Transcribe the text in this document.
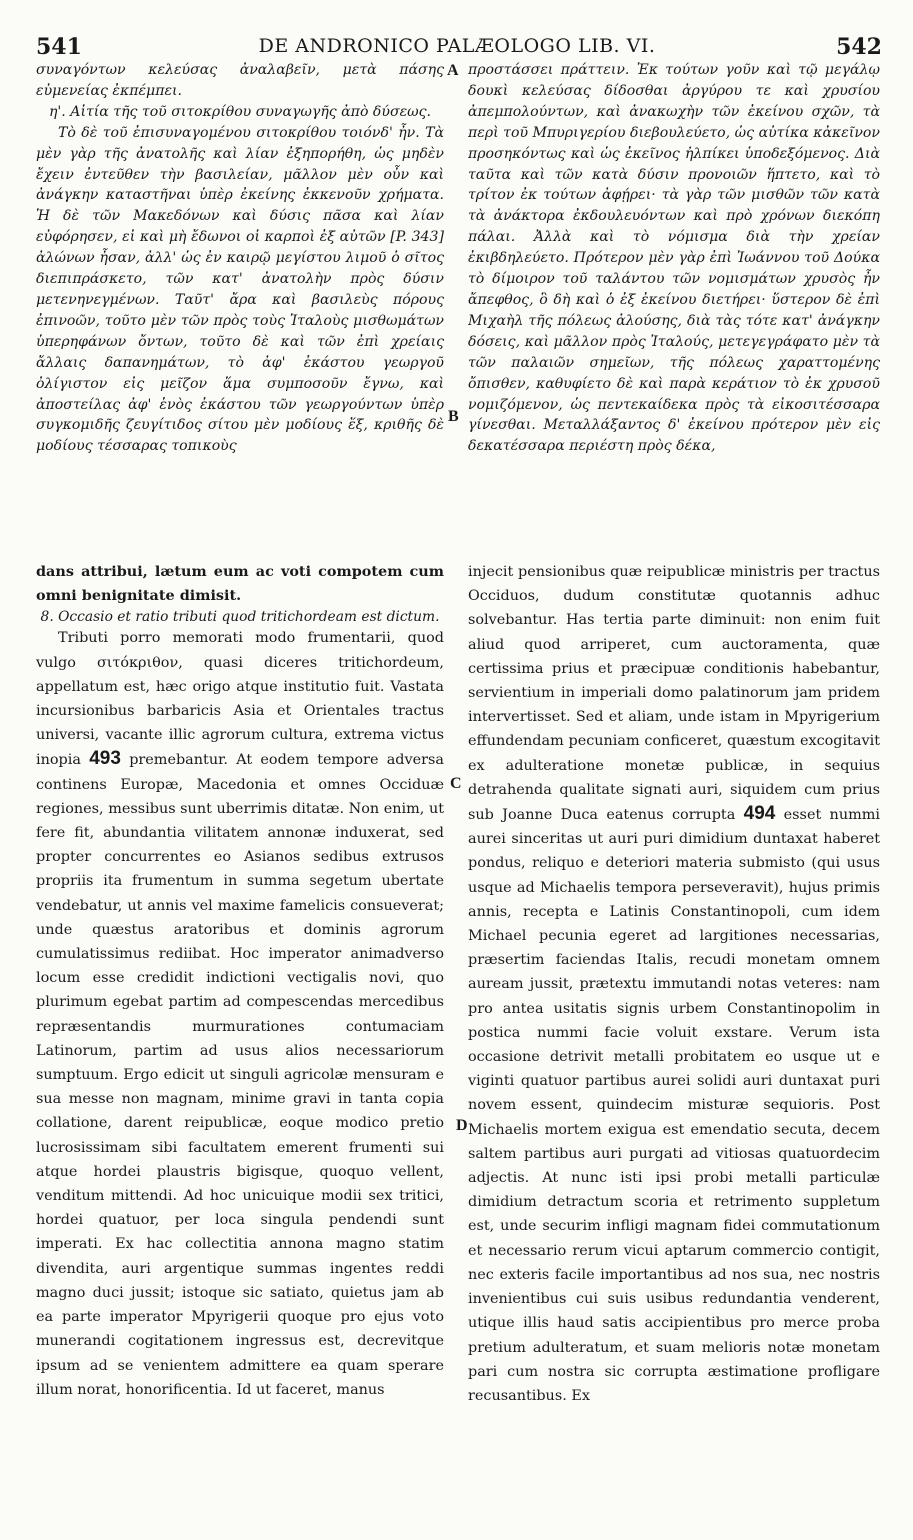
541	DE ANDRONICO PALÆOLOGO LIB. VI.	542
A
B
C
D

συναγόντων κελεύσας ἀναλαβεῖν, μετὰ πάσης εὐμενείας ἐκπέμπει.

η'. Αἰτία τῆς τοῦ σιτοκρίθου συναγωγῆς ἀπὸ δύσεως.

Τὸ δὲ τοῦ ἐπισυναγομένου σιτοκρίθου τοιόνδ' ἦν. Τὰ μὲν γὰρ τῆς ἀνατολῆς καὶ λίαν ἐξηπορήθη, ὡς μηδὲν ἔχειν ἐντεῦθεν τὴν βασιλείαν, μᾶλλον μὲν οὖν καὶ ἀνάγκην καταστῆναι ὑπὲρ ἐκείνης ἐκκενοῦν χρήματα. Ἡ δὲ τῶν Μακεδόνων καὶ δύσις πᾶσα καὶ λίαν εὐφόρησεν, εἰ καὶ μὴ ἔδωνοι οἱ καρποὶ ἐξ αὐτῶν [P. 343] ἀλώνων ἦσαν, ἀλλ' ὡς ἐν καιρῷ μεγίστου λιμοῦ ὁ σῖτος διεπιπράσκετο, τῶν κατ' ἀνατολὴν πρὸς δύσιν μετενηνεγμένων. Ταῦτ' ἄρα καὶ βασιλεὺς πόρους ἐπινοῶν, τοῦτο μὲν τῶν πρὸς τοὺς Ἰταλοὺς μισθωμάτων ὑπερηφάνων ὄντων, τοῦτο δὲ καὶ τῶν ἐπὶ χρείαις ἄλλαις δαπανημάτων, τὸ ἀφ' ἑκάστου γεωργοῦ ὀλίγιστον εἰς μεῖζον ἅμα συμποσοῦν ἔγνω, καὶ ἀποστείλας ἀφ' ἑνὸς ἑκάστου τῶν γεωργούντων ὑπὲρ συγκομιδῆς ζευγίτιδος σίτου μὲν μοδίους ἕξ, κριθῆς δὲ μοδίους τέσσαρας τοπικοὺς

προστάσσει πράττειν. Ἐκ τούτων γοῦν καὶ τῷ μεγάλῳ δουκὶ κελεύσας δίδοσθαι ἀργύρου τε καὶ χρυσίου ἀπεμπολούντων, καὶ ἀνακωχὴν τῶν ἐκείνου σχῶν, τὰ περὶ τοῦ Μπυριγερίου διεβουλεύετο, ὡς αὐτίκα κἀκεῖνον προσηκόντως καὶ ὡς ἐκεῖνος ἠλπίκει ὑποδεξόμενος. Διὰ ταῦτα καὶ τῶν κατὰ δύσιν προνοιῶν ἥπτετο, καὶ τὸ τρίτον ἐκ τούτων ἀφῄρει· τὰ γὰρ τῶν μισθῶν τῶν κατὰ τὰ ἀνάκτορα ἐκδουλευόντων καὶ πρὸ χρόνων διεκόπη πάλαι. Ἀλλὰ καὶ τὸ νόμισμα διὰ τὴν χρείαν ἐκιβδηλεύετο. Πρότερον μὲν γὰρ ἐπὶ Ἰωάννου τοῦ Δούκα τὸ δίμοιρον τοῦ ταλάντου τῶν νομισμάτων χρυσὸς ἦν ἄπεφθος, ὃ δὴ καὶ ὁ ἐξ ἐκείνου διετήρει· ὕστερον δὲ ἐπὶ Μιχαὴλ τῆς πόλεως ἁλούσης, διὰ τὰς τότε κατ' ἀνάγκην δόσεις, καὶ μᾶλλον πρὸς Ἰταλούς, μετεγεγράφατο μὲν τὰ τῶν παλαιῶν σημεῖων, τῆς πόλεως χαραττομένης ὄπισθεν, καθυφίετο δὲ καὶ παρὰ κεράτιον τὸ ἐκ χρυσοῦ νομιζόμενον, ὡς πεντεκαίδεκα πρὸς τὰ εἰκοσιτέσσαρα γίνεσθαι. Μεταλλάξαντος δ' ἐκείνου πρότερον μὲν εἰς δεκατέσσαρα περιέστη πρὸς δέκα,

dans attribui, lætum eum ac voti compotem cum omni benignitate dimisit.

8. Occasio et ratio tributi quod tritichordeam est dictum.

Tributi porro memorati modo frumentarii, quod vulgo σιτόκριθον, quasi diceres tritichordeum, appellatum est, hæc origo atque institutio fuit. Vastata incursionibus barbaricis Asia et Orientales tractus universi, vacante illic agrorum cultura, extrema victus inopia 493 premebantur. At eodem tempore adversa continens Europæ, Macedonia et omnes Occiduæ regiones, messibus sunt uberrimis ditatæ. Non enim, ut fere fit, abundantia vilitatem annonæ induxerat, sed propter concurrentes eo Asianos sedibus extrusos propriis ita frumentum in summa segetum ubertate vendebatur, ut annis vel maxime famelicis consueverat; unde quæstus aratoribus et dominis agrorum cumulatissimus rediibat. Hoc imperator animadverso locum esse credidit indictioni vectigalis novi, quo plurimum egebat partim ad compescendas mercedibus repræsentandis murmurationes contumaciam Latinorum, partim ad usus alios necessariorum sumptuum. Ergo edicit ut singuli agricolæ mensuram e sua messe non magnam, minime gravi in tanta copia collatione, darent reipublicæ, eoque modico pretio lucrosissimam sibi facultatem emerent frumenti sui atque hordei plaustris bigisque, quoquo vellent, venditum mittendi. Ad hoc unicuique modii sex tritici, hordei quatuor, per loca singula pendendi sunt imperati. Ex hac collectitia annona magno statim divendita, auri argentique summas ingentes reddi magno duci jussit; istoque sic satiato, quietus jam ab ea parte imperator Mpyrigerii quoque pro ejus voto munerandi cogitationem ingressus est, decrevitque ipsum ad se venientem admittere ea quam sperare illum norat, honorificentia. Id ut faceret, manus

injecit pensionibus quæ reipublicæ ministris per tractus Occiduos, dudum constitutæ quotannis adhuc solvebantur. Has tertia parte diminuit: non enim fuit aliud quod arriperet, cum auctoramenta, quæ certissima prius et præcipuæ conditionis habebantur, servientium in imperiali domo palatinorum jam pridem intervertisset. Sed et aliam, unde istam in Mpyrigerium effundendam pecuniam conficeret, quæstum excogitavit ex adulteratione monetæ publicæ, in sequius detrahenda qualitate signati auri, siquidem cum prius sub Joanne Duca eatenus corrupta 494 esset nummi aurei sinceritas ut auri puri dimidium duntaxat haberet pondus, reliquo e deteriori materia submisto (qui usus usque ad Michaelis tempora perseveravit), hujus primis annis, recepta e Latinis Constantinopoli, cum idem Michael pecunia egeret ad largitiones necessarias, præsertim faciendas Italis, recudi monetam omnem auream jussit, prætextu immutandi notas veteres: nam pro antea usitatis signis urbem Constantinopolim in postica nummi facie voluit exstare. Verum ista occasione detrivit metalli probitatem eo usque ut e viginti quatuor partibus aurei solidi auri duntaxat puri novem essent, quindecim misturæ sequioris. Post Michaelis mortem exigua est emendatio secuta, decem saltem partibus auri purgati ad vitiosas quatuordecim adjectis. At nunc isti ipsi probi metalli particulæ dimidium detractum scoria et retrimento suppletum est, unde securim infligi magnam fidei commutationum et necessario rerum vicui aptarum commercio contigit, nec exteris facile importantibus ad nos sua, nec nostris invenientibus cui suis usibus redundantia venderent, utique illis haud satis accipientibus pro merce proba pretium adulteratum, et suam melioris notæ monetam pari cum nostra sic corrupta æstimatione profligare recusantibus. Ex
